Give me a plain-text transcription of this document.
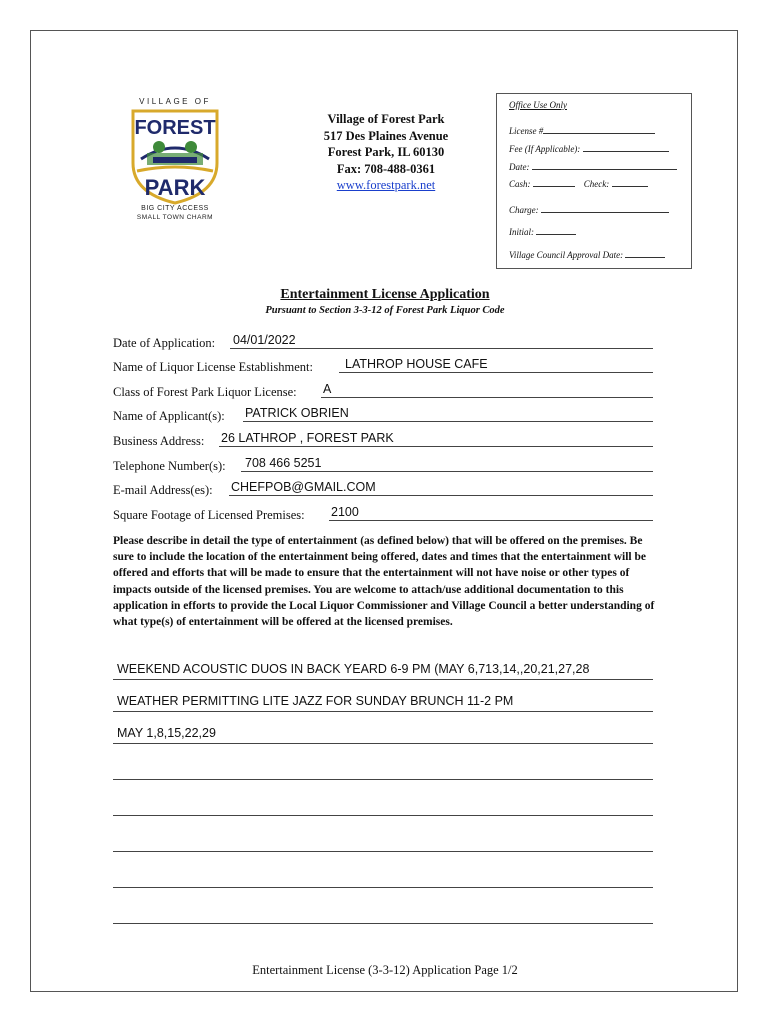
VILLAGE OF
FOREST
PARK
BIG CITY ACCESS
SMALL TOWN CHARM
Village of Forest Park
517 Des Plaines Avenue
Forest Park, IL 60130
Fax: 708-488-0361
www.forestpark.net
Office Use Only
License #
Fee (If Applicable):
Date:
Cash:	Check:
Charge:
Initial:
Village Council Approval Date:
Entertainment License Application
Pursuant to Section 3-3-12 of Forest Park Liquor Code
Date of Application: 04/01/2022
Name of Liquor License Establishment:	LATHROP HOUSE CAFE
Class of Forest Park Liquor License: A
Name of Applicant(s): PATRICK OBRIEN
Business Address: 26 LATHROP , FOREST PARK
Telephone Number(s): 708 466 5251
E-mail Address(es): CHEFPOB@GMAIL.COM
Square Footage of Licensed Premises: 2100
Please describe in detail the type of entertainment (as defined below) that will be offered on the premises. Be sure to include the location of the entertainment being offered, dates and times that the entertainment will be offered and efforts that will be made to ensure that the entertainment will not have noise or other types of impacts outside of the licensed premises. You are welcome to attach/use additional documentation to this application in efforts to provide the Local Liquor Commissioner and Village Council a better understanding of what type(s) of entertainment will be offered at the licensed premises.
WEEKEND ACOUSTIC DUOS IN BACK YEARD 6-9 PM (MAY 6,713,14,,20,21,27,28
WEATHER PERMITTING LITE JAZZ FOR SUNDAY BRUNCH 11-2 PM
MAY 1,8,15,22,29
Entertainment License (3-3-12) Application Page 1/2
